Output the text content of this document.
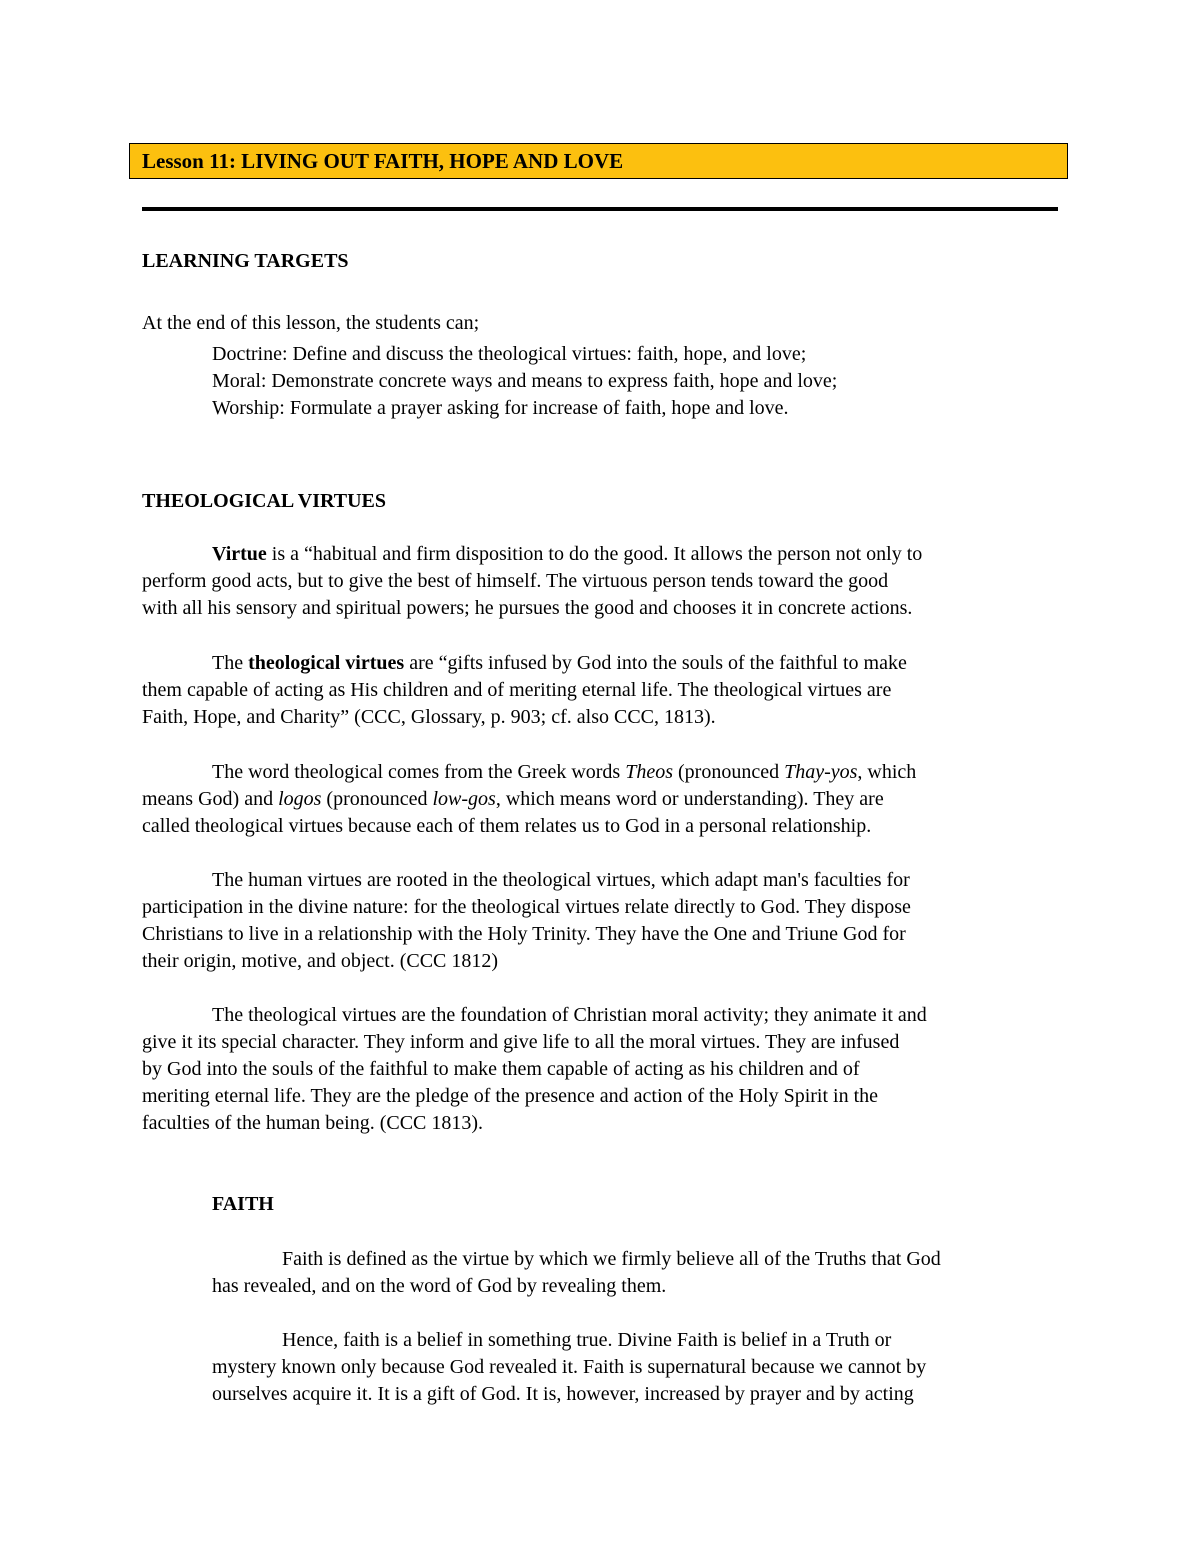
Lesson 11: LIVING OUT FAITH, HOPE AND LOVE
LEARNING TARGETS
At the end of this lesson, the students can;
Doctrine: Define and discuss the theological virtues: faith, hope, and love;
Moral: Demonstrate concrete ways and means to express faith, hope and love;
Worship: Formulate a prayer asking for increase of faith, hope and love.
THEOLOGICAL VIRTUES
Virtue is a “habitual and firm disposition to do the good. It allows the person not only to
perform good acts, but to give the best of himself. The virtuous person tends toward the good
with all his sensory and spiritual powers; he pursues the good and chooses it in concrete actions.
The theological virtues are “gifts infused by God into the souls of the faithful to make
them capable of acting as His children and of meriting eternal life. The theological virtues are
Faith, Hope, and Charity” (CCC, Glossary, p. 903; cf. also CCC, 1813).
The word theological comes from the Greek words Theos (pronounced Thay-yos, which
means God) and logos (pronounced low-gos, which means word or understanding). They are
called theological virtues because each of them relates us to God in a personal relationship.
The human virtues are rooted in the theological virtues, which adapt man's faculties for
participation in the divine nature: for the theological virtues relate directly to God. They dispose
Christians to live in a relationship with the Holy Trinity. They have the One and Triune God for
their origin, motive, and object. (CCC 1812)
The theological virtues are the foundation of Christian moral activity; they animate it and
give it its special character. They inform and give life to all the moral virtues. They are infused
by God into the souls of the faithful to make them capable of acting as his children and of
meriting eternal life. They are the pledge of the presence and action of the Holy Spirit in the
faculties of the human being. (CCC 1813).
FAITH
Faith is defined as the virtue by which we firmly believe all of the Truths that God
has revealed, and on the word of God by revealing them.
Hence, faith is a belief in something true. Divine Faith is belief in a Truth or
mystery known only because God revealed it. Faith is supernatural because we cannot by
ourselves acquire it. It is a gift of God. It is, however, increased by prayer and by acting
